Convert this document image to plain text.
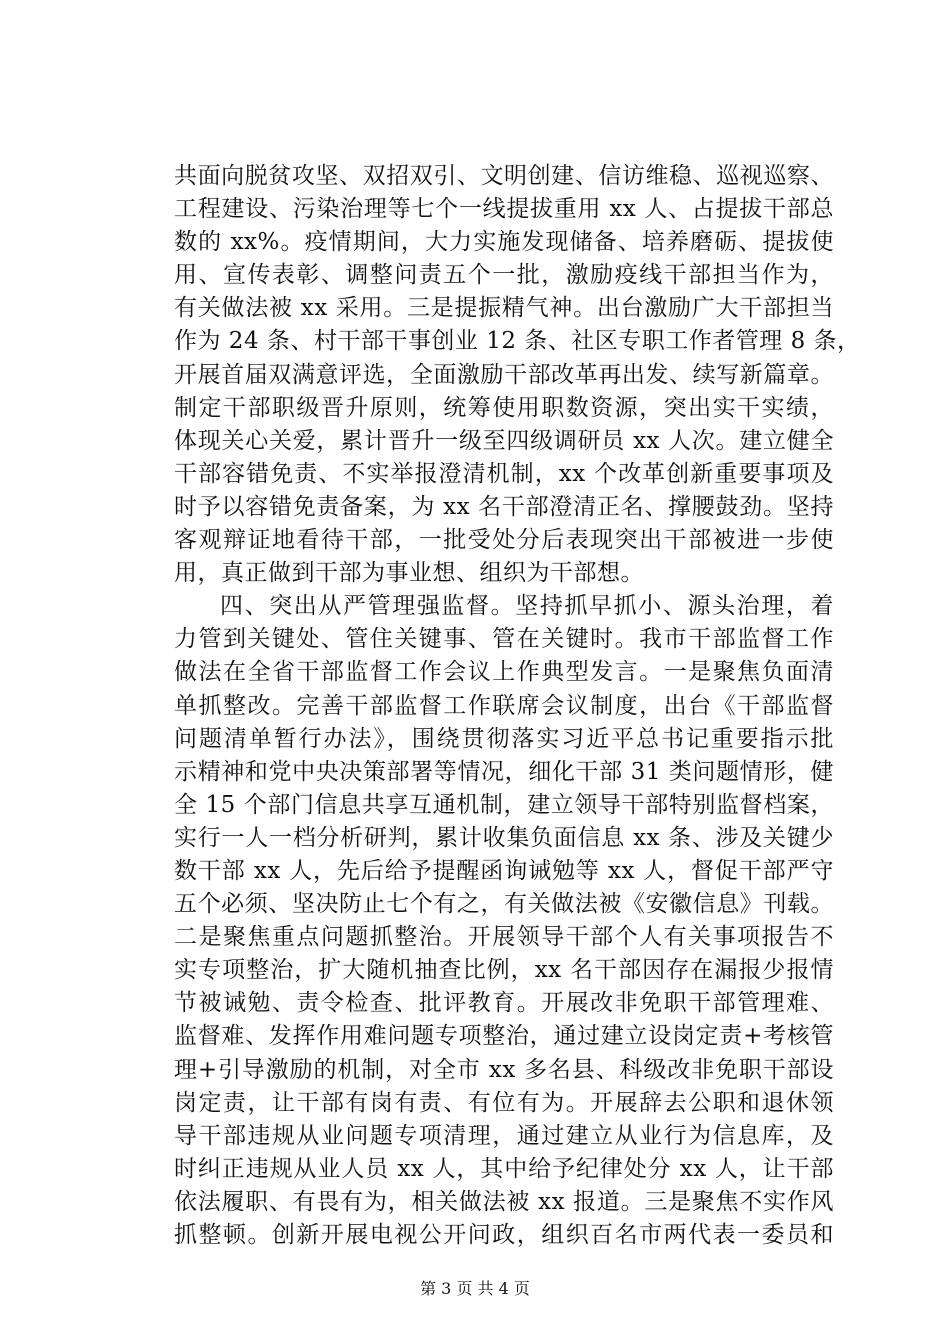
共面向脱贫攻坚、双招双引、文明创建、信访维稳、巡视巡察、
工程建设、污染治理等七个一线提拔重用 xx 人、占提拔干部总
数的 xx%。疫情期间，大力实施发现储备、培养磨砺、提拔使
用、宣传表彰、调整问责五个一批，激励疫线干部担当作为，
有关做法被 xx 采用。三是提振精气神。出台激励广大干部担当
作为 24 条、村干部干事创业 12 条、社区专职工作者管理 8 条，
开展首届双满意评选，全面激励干部改革再出发、续写新篇章。
制定干部职级晋升原则，统筹使用职数资源，突出实干实绩，
体现关心关爱，累计晋升一级至四级调研员 xx 人次。建立健全
干部容错免责、不实举报澄清机制，xx 个改革创新重要事项及
时予以容错免责备案，为 xx 名干部澄清正名、撑腰鼓劲。坚持
客观辩证地看待干部，一批受处分后表现突出干部被进一步使
用，真正做到干部为事业想、组织为干部想。
四、突出从严管理强监督。坚持抓早抓小、源头治理，着
力管到关键处、管住关键事、管在关键时。我市干部监督工作
做法在全省干部监督工作会议上作典型发言。一是聚焦负面清
单抓整改。完善干部监督工作联席会议制度，出台《干部监督
问题清单暂行办法》，围绕贯彻落实习近平总书记重要指示批
示精神和党中央决策部署等情况，细化干部 31 类问题情形，健
全 15 个部门信息共享互通机制，建立领导干部特别监督档案，
实行一人一档分析研判，累计收集负面信息 xx 条、涉及关键少
数干部 xx 人，先后给予提醒函询诫勉等 xx 人，督促干部严守
五个必须、坚决防止七个有之，有关做法被《安徽信息》刊载。
二是聚焦重点问题抓整治。开展领导干部个人有关事项报告不
实专项整治，扩大随机抽查比例，xx 名干部因存在漏报少报情
节被诫勉、责令检查、批评教育。开展改非免职干部管理难、
监督难、发挥作用难问题专项整治，通过建立设岗定责+考核管
理+引导激励的机制，对全市 xx 多名县、科级改非免职干部设
岗定责，让干部有岗有责、有位有为。开展辞去公职和退休领
导干部违规从业问题专项清理，通过建立从业行为信息库，及
时纠正违规从业人员 xx 人，其中给予纪律处分 xx 人，让干部
依法履职、有畏有为，相关做法被 xx 报道。三是聚焦不实作风
抓整顿。创新开展电视公开问政，组织百名市两代表一委员和
第 3 页 共 4 页
